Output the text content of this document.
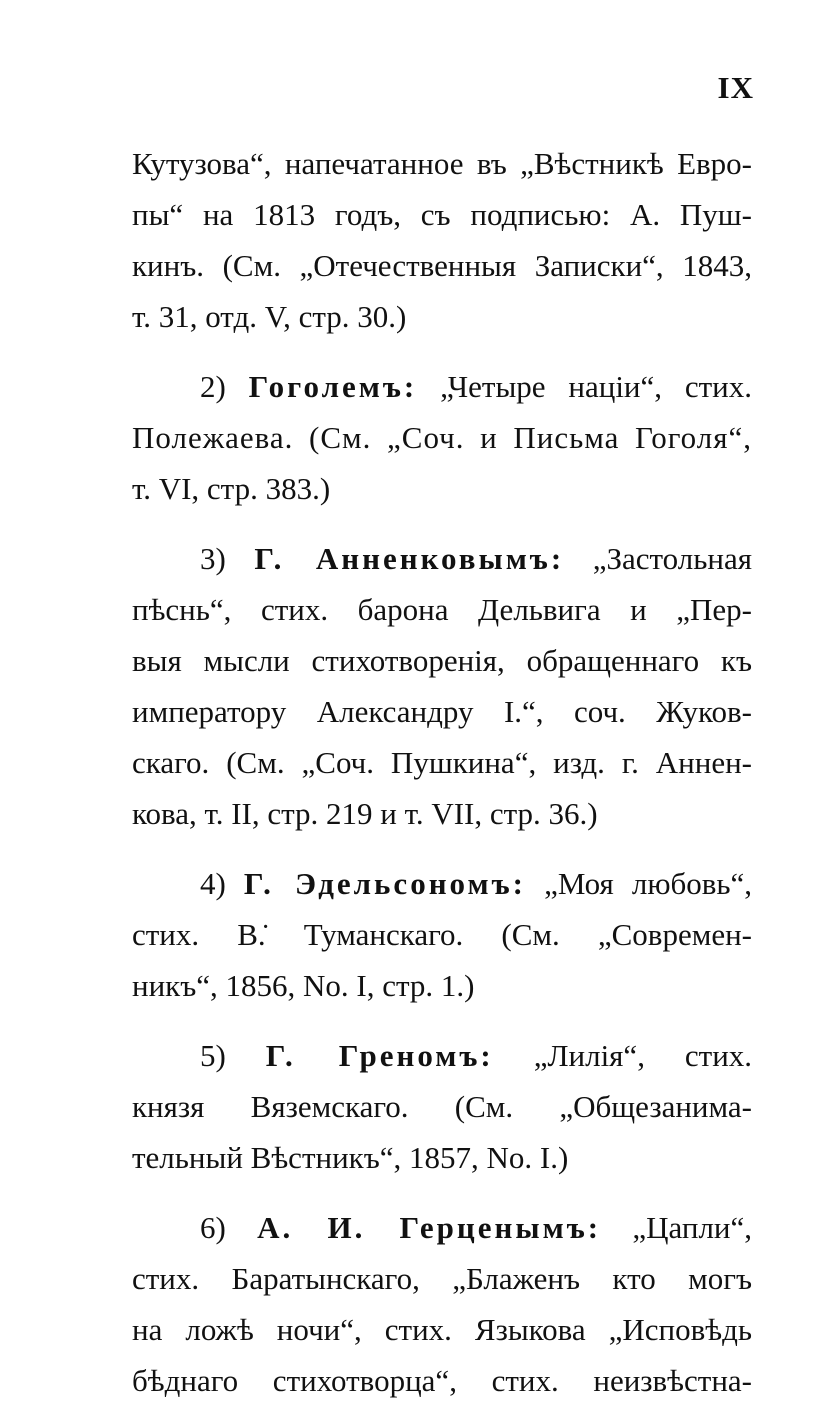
IX
Кутузова“, напечатанное въ „Вѣстникѣ Евро-
пы“ на 1813 годъ, съ подписью: А. Пуш-
кинъ. (См. „Отечественныя Записки“, 1843,
т. 31, отд. V, стр. 30.)
2) Гоголемъ: „Четыре націи“, стих.
Полежаева. (См. „Соч. и Письма Гоголя“,
т. VI, стр. 383.)
3) Г. Анненковымъ: „Застольная
пѣснь“, стих. барона Дельвига и „Пер-
выя мысли стихотворенія, обращеннаго къ
императору Александру I.“, соч. Жуков-
скаго. (См. „Соч. Пушкина“, изд. г. Аннен-
кова, т. II, стр. 219 и т. VII, стр. 36.)
4) Г. Эдельсономъ: „Моя любовь“,
стих. В.̇ Туманскаго. (См. „Современ-
никъ“, 1856, No. I, стр. 1.)
5) Г. Греномъ: „Лилія“, стих.
князя Вяземскаго. (См. „Общезанима-
тельный Вѣстникъ“, 1857, No. I.)
6) А. И. Герценымъ: „Цапли“,
стих. Баратынскаго, „Блаженъ кто могъ
на ложѣ ночи“, стих. Языкова „Исповѣдь
бѣднаго стихотворца“, стих. неизвѣстна-
